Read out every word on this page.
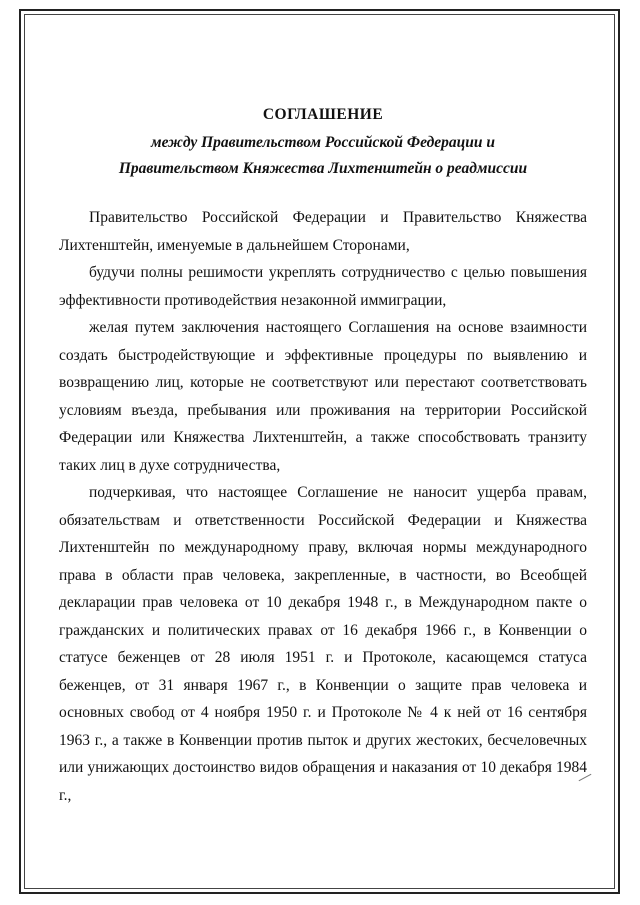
СОГЛАШЕНИЕ

между Правительством Российской Федерации и

Правительством Княжества Лихтенштейн о реадмиссии

Правительство Российской Федерации и Правительство Княжества Лихтенштейн, именуемые в дальнейшем Сторонами,

будучи полны решимости укреплять сотрудничество с целью повышения эффективности противодействия незаконной иммиграции,

желая путем заключения настоящего Соглашения на основе взаимности создать быстродействующие и эффективные процедуры по выявлению и возвращению лиц, которые не соответствуют или перестают соответствовать условиям въезда, пребывания или проживания на территории Российской Федерации или Княжества Лихтенштейн, а также способствовать транзиту таких лиц в духе сотрудничества,

подчеркивая, что настоящее Соглашение не наносит ущерба правам, обязательствам и ответственности Российской Федерации и Княжества Лихтенштейн по международному праву, включая нормы международного права в области прав человека, закрепленные, в частности, во Всеобщей декларации прав человека от 10 декабря 1948 г., в Международном пакте о гражданских и политических правах от 16 декабря 1966 г., в Конвенции о статусе беженцев от 28 июля 1951 г. и Протоколе, касающемся статуса беженцев, от 31 января 1967 г., в Конвенции о защите прав человека и основных свобод от 4 ноября 1950 г. и Протоколе № 4 к ней от 16 сентября 1963 г., а также в Конвенции против пыток и других жестоких, бесчеловечных или унижающих достоинство видов обращения и наказания от 10 декабря 1984 г.,
